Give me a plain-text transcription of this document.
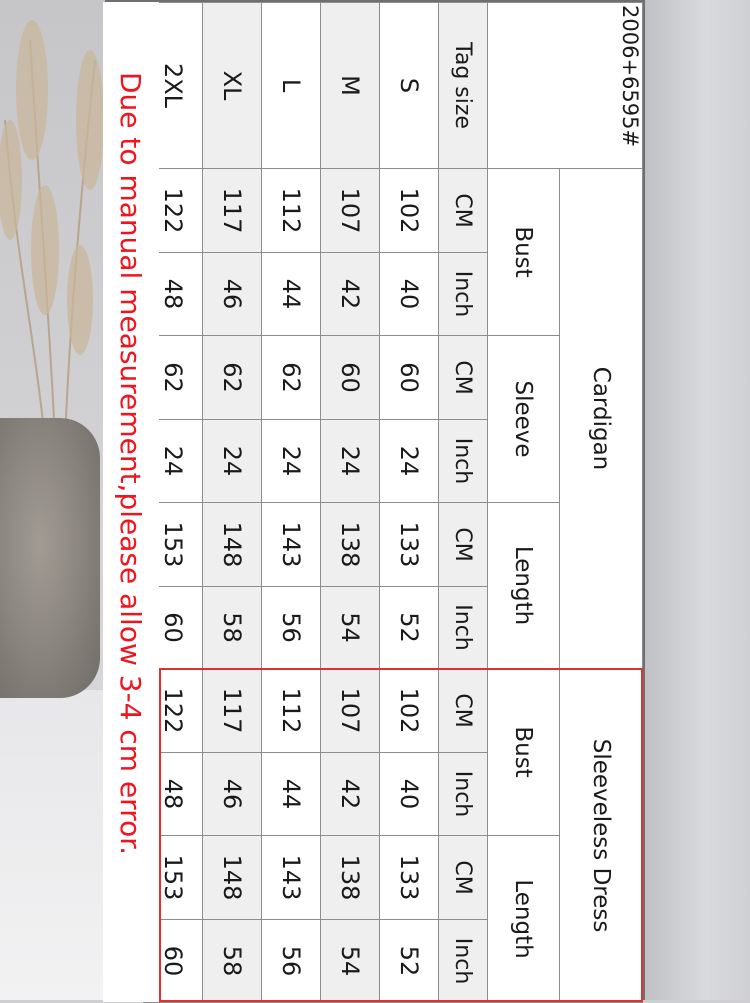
2006+6595#	Cardigan						Sleeveless Dress			
	Bust		Sleeve		Length		Bust		Length	
Tag size	CM	Inch	CM	Inch	CM	Inch	CM	Inch	CM	Inch
S	102	40	60	24	133	52	102	40	133	52
M	107	42	60	24	138	54	107	42	138	54
L	112	44	62	24	143	56	112	44	143	56
XL	117	46	62	24	148	58	117	46	148	58
2XL	122	48	62	24	153	60	122	48	153	60
Due to manual measurement,please allow 3-4 cm error.
